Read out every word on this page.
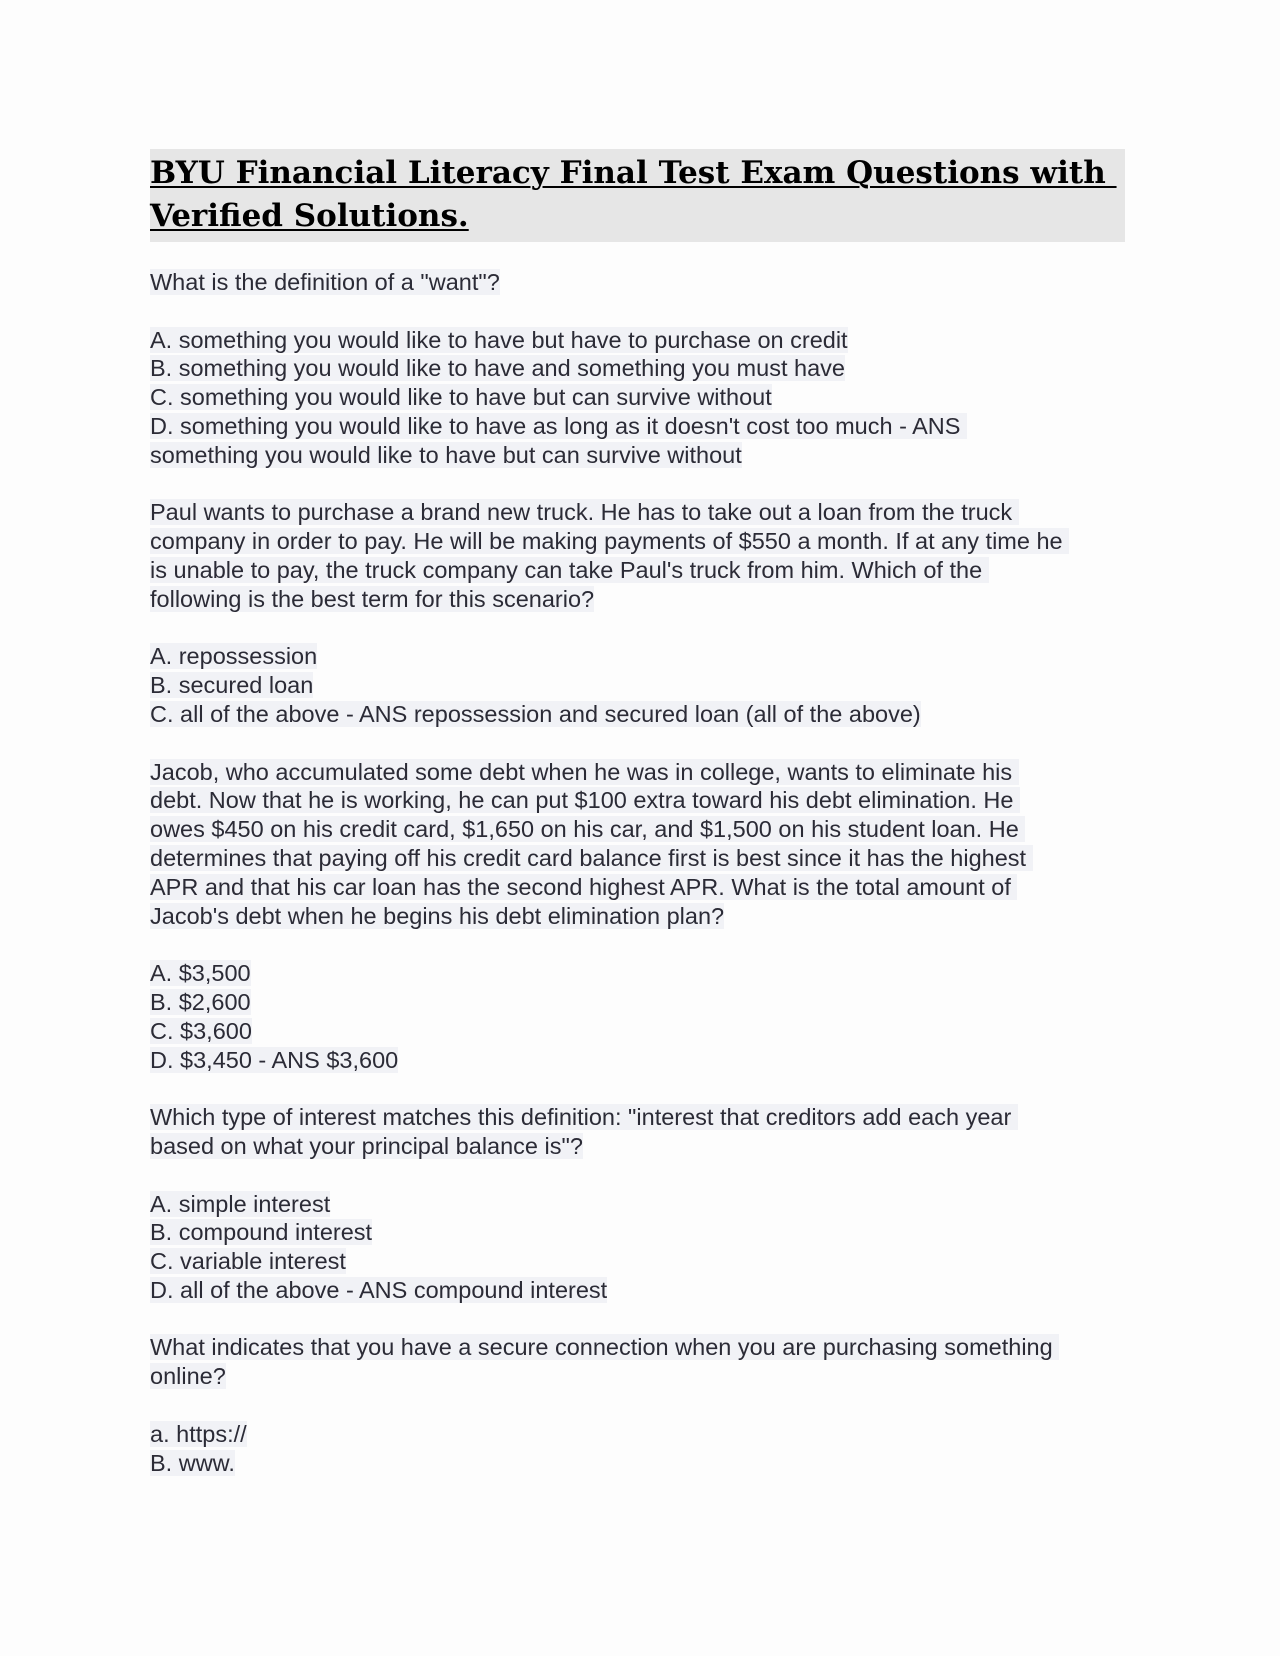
BYU Financial Literacy Final Test Exam Questions with
Verified Solutions.
What is the definition of a "want"?
A. something you would like to have but have to purchase on credit
B. something you would like to have and something you must have
C. something you would like to have but can survive without
D. something you would like to have as long as it doesn't cost too much - ANS
something you would like to have but can survive without
Paul wants to purchase a brand new truck. He has to take out a loan from the truck
company in order to pay. He will be making payments of $550 a month. If at any time he
is unable to pay, the truck company can take Paul's truck from him. Which of the
following is the best term for this scenario?
A. repossession
B. secured loan
C. all of the above - ANS repossession and secured loan (all of the above)
Jacob, who accumulated some debt when he was in college, wants to eliminate his
debt. Now that he is working, he can put $100 extra toward his debt elimination. He
owes $450 on his credit card, $1,650 on his car, and $1,500 on his student loan. He
determines that paying off his credit card balance first is best since it has the highest
APR and that his car loan has the second highest APR. What is the total amount of
Jacob's debt when he begins his debt elimination plan?
A. $3,500
B. $2,600
C. $3,600
D. $3,450 - ANS $3,600
Which type of interest matches this definition: "interest that creditors add each year
based on what your principal balance is"?
A. simple interest
B. compound interest
C. variable interest
D. all of the above - ANS compound interest
What indicates that you have a secure connection when you are purchasing something
online?
a. https://
B. www.
